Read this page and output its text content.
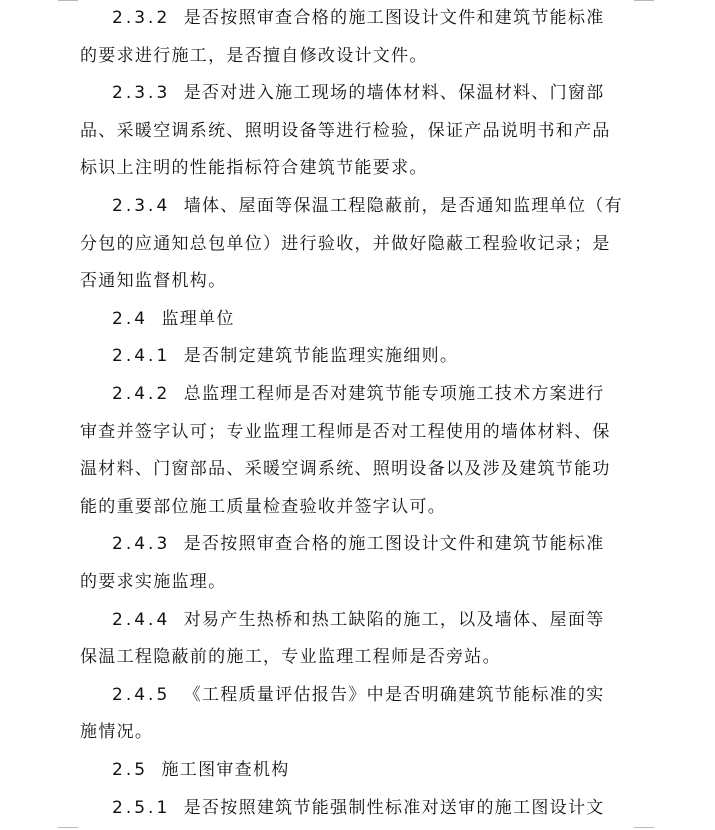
2.3.2 是否按照审查合格的施工图设计文件和建筑节能标准
的要求进行施工，是否擅自修改设计文件。
2.3.3 是否对进入施工现场的墙体材料、保温材料、门窗部
品、采暖空调系统、照明设备等进行检验，保证产品说明书和产品
标识上注明的性能指标符合建筑节能要求。
2.3.4 墙体、屋面等保温工程隐蔽前，是否通知监理单位（有
分包的应通知总包单位）进行验收，并做好隐蔽工程验收记录；是
否通知监督机构。
2.4 监理单位
2.4.1 是否制定建筑节能监理实施细则。
2.4.2 总监理工程师是否对建筑节能专项施工技术方案进行
审查并签字认可；专业监理工程师是否对工程使用的墙体材料、保
温材料、门窗部品、采暖空调系统、照明设备以及涉及建筑节能功
能的重要部位施工质量检查验收并签字认可。
2.4.3 是否按照审查合格的施工图设计文件和建筑节能标准
的要求实施监理。
2.4.4 对易产生热桥和热工缺陷的施工，以及墙体、屋面等
保温工程隐蔽前的施工，专业监理工程师是否旁站。
2.4.5 《工程质量评估报告》中是否明确建筑节能标准的实
施情况。
2.5 施工图审查机构
2.5.1 是否按照建筑节能强制性标准对送审的施工图设计文
